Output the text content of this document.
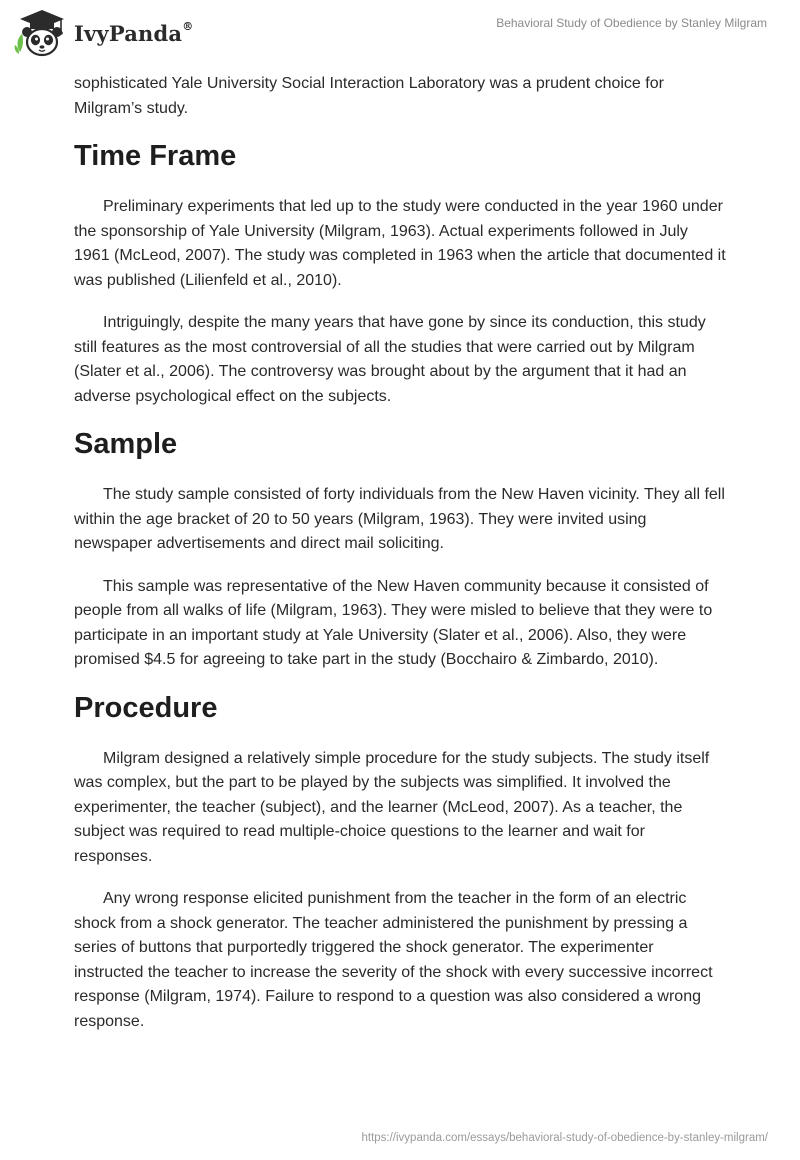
IvyPanda®	Behavioral Study of Obedience by Stanley Milgram

sophisticated Yale University Social Interaction Laboratory was a prudent choice for Milgram’s study.

Time Frame

Preliminary experiments that led up to the study were conducted in the year 1960 under the sponsorship of Yale University (Milgram, 1963). Actual experiments followed in July 1961 (McLeod, 2007). The study was completed in 1963 when the article that documented it was published (Lilienfeld et al., 2010).

Intriguingly, despite the many years that have gone by since its conduction, this study still features as the most controversial of all the studies that were carried out by Milgram (Slater et al., 2006). The controversy was brought about by the argument that it had an adverse psychological effect on the subjects.

Sample

The study sample consisted of forty individuals from the New Haven vicinity. They all fell within the age bracket of 20 to 50 years (Milgram, 1963). They were invited using newspaper advertisements and direct mail soliciting.

This sample was representative of the New Haven community because it consisted of people from all walks of life (Milgram, 1963). They were misled to believe that they were to participate in an important study at Yale University (Slater et al., 2006). Also, they were promised $4.5 for agreeing to take part in the study (Bocchairo & Zimbardo, 2010).

Procedure

Milgram designed a relatively simple procedure for the study subjects. The study itself was complex, but the part to be played by the subjects was simplified. It involved the experimenter, the teacher (subject), and the learner (McLeod, 2007). As a teacher, the subject was required to read multiple-choice questions to the learner and wait for responses.

Any wrong response elicited punishment from the teacher in the form of an electric shock from a shock generator. The teacher administered the punishment by pressing a series of buttons that purportedly triggered the shock generator. The experimenter instructed the teacher to increase the severity of the shock with every successive incorrect response (Milgram, 1974). Failure to respond to a question was also considered a wrong response.

https://ivypanda.com/essays/behavioral-study-of-obedience-by-stanley-milgram/
